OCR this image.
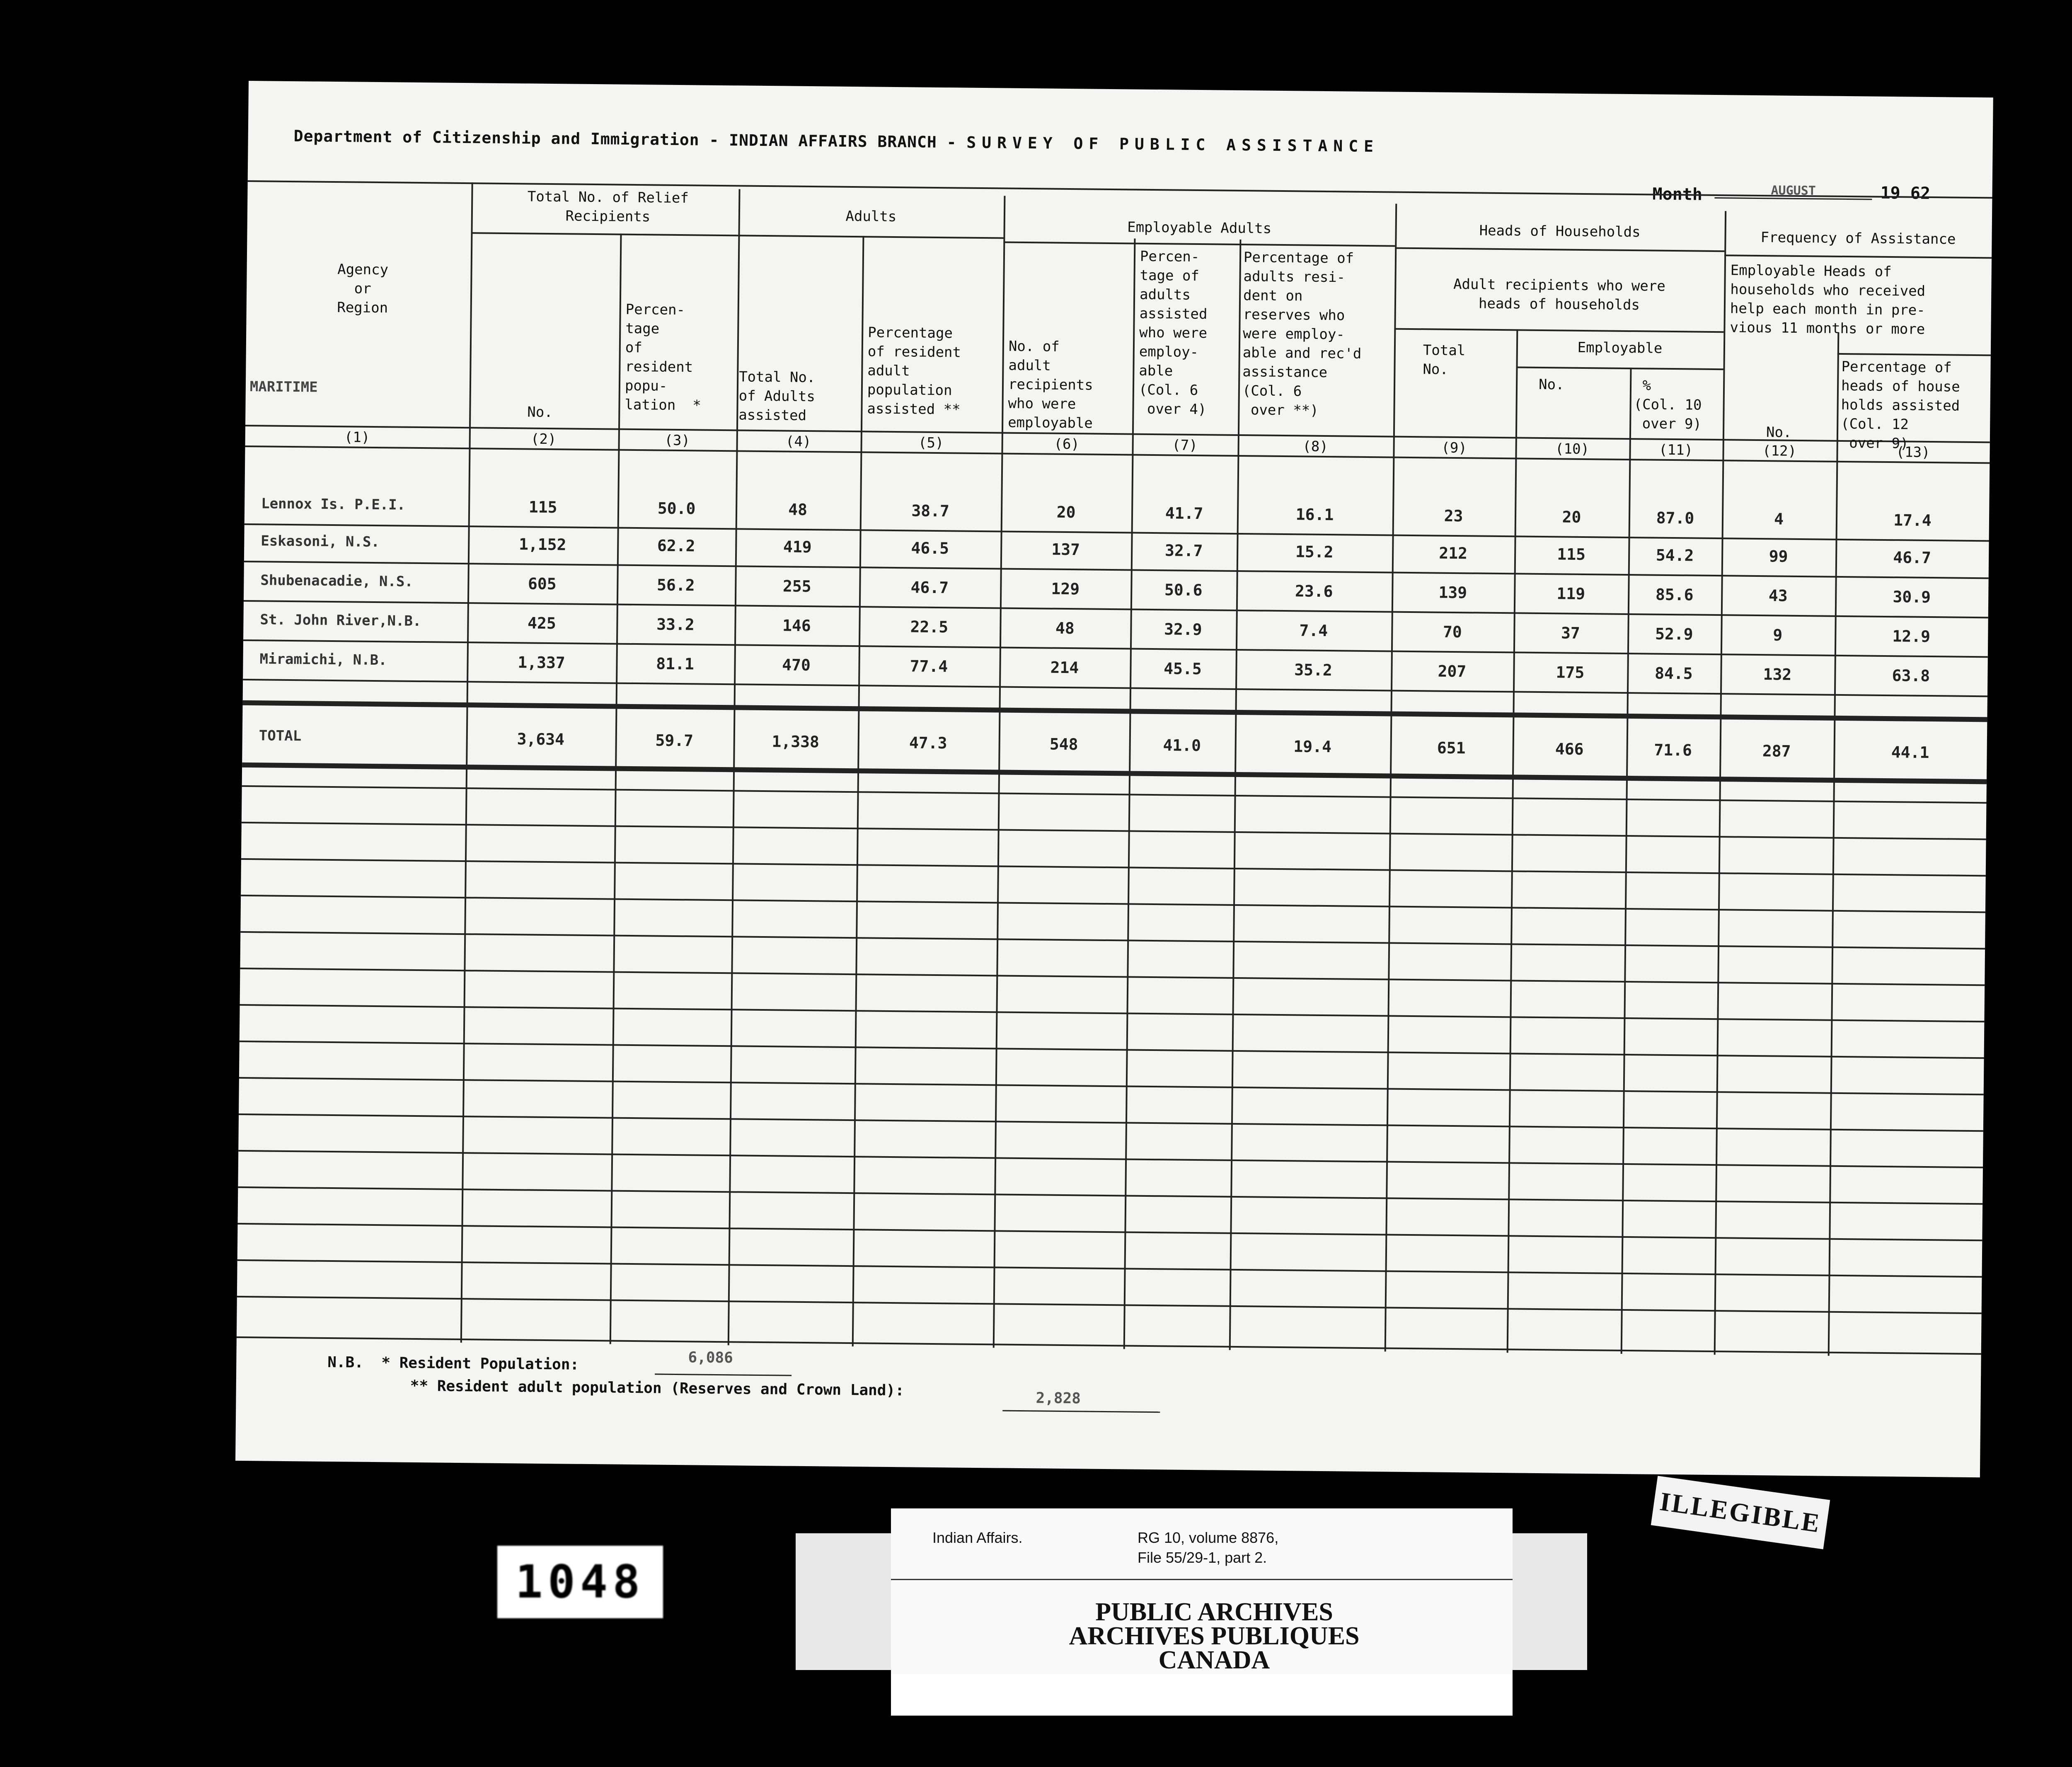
Department of Citizenship and Immigration - INDIAN AFFAIRS BRANCH - SURVEY OF PUBLIC ASSISTANCE
AUGUST	19 62
Agency
or
Region
MARITIME
Total No. of Relief
Recipients
No.
Percen-
tage
of
resident
popu-
lation  *
Adults
Total No.
of Adults
assisted
Percentage
of resident
adult
population
assisted **
Employable Adults
No. of
adult
recipients
who were
employable
Percen-
tage of
adults
assisted
who were
employ-
able
(Col. 6
over 4)
Percentage of
adults resi-
dent on
reserves who
were employ-
able and rec'd
assistance
(Col. 6
over **)
Heads of Households
Adult recipients who were
heads of households
Total
No.
Employable
No.	%
(Col. 10
over 9)
Frequency of Assistance
Employable Heads of
households who received
help each month in pre-
vious 11 months or more
No.
Percentage of
heads of house
holds assisted
(Col. 12
over 9)
(1)	(2)	(3)	(4)	(5)	(6)	(7)	(8)	(9)	(10)	(11)	(12)	(13)
Lennox Is. P.E.I.	115	50.0	48	38.7	20	41.7	16.1	23	20	87.0	4	17.4
Eskasoni, N.S.	1,152	62.2	419	46.5	137	32.7	15.2	212	115	54.2	99	46.7
Shubenacadie, N.S.	605	56.2	255	46.7	129	50.6	23.6	139	119	85.6	43	30.9
St. John River,N.B.	425	33.2	146	22.5	48	32.9	7.4	70	37	52.9	9	12.9
Miramichi, N.B.	1,337	81.1	470	77.4	214	45.5	35.2	207	175	84.5	132	63.8
TOTAL	3,634	59.7	1,338	47.3	548	41.0	19.4	651	466	71.6	287	44.1
N.B.  * Resident Population:	6,086
** Resident adult population (Reserves and Crown Land):	2,828
Indian Affairs.	RG 10, volume 8876,
File 55/29-1, part 2.
PUBLIC ARCHIVES
ARCHIVES PUBLIQUES
CANADA
ILLEGIBLE
1048
